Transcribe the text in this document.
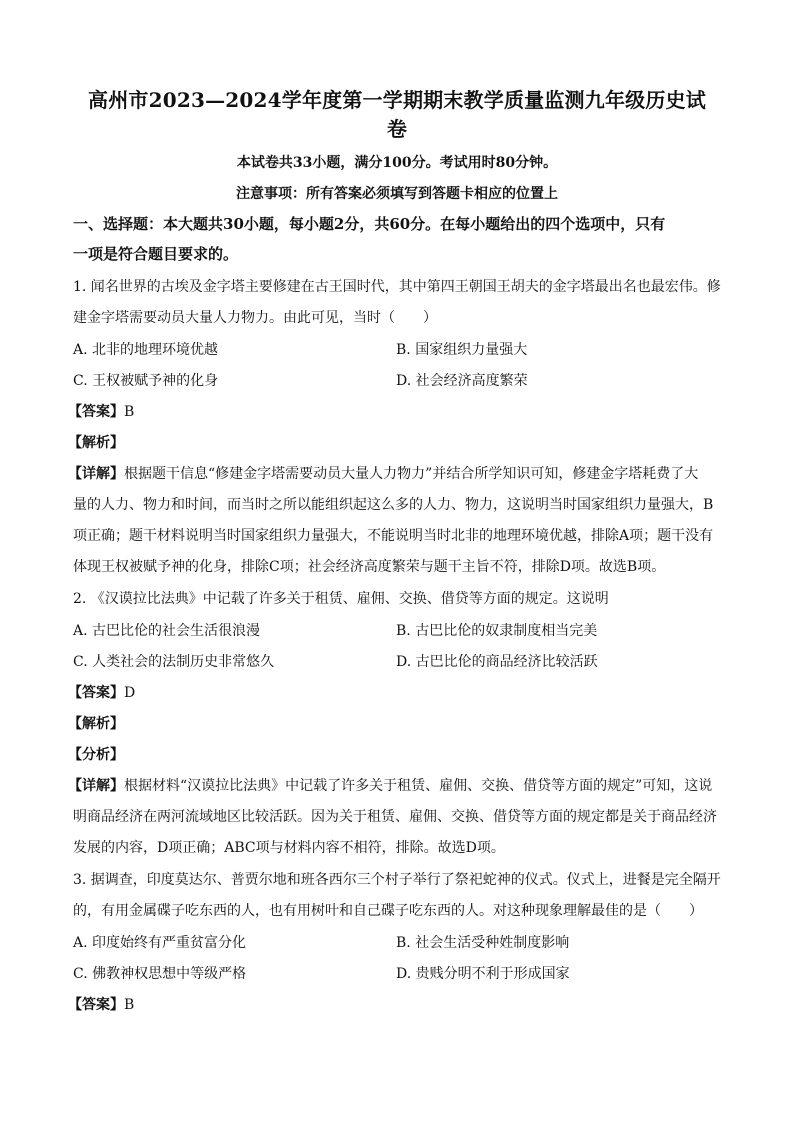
高州市2023—2024学年度第一学期期末教学质量监测九年级历史试
卷
本试卷共33小题，满分100分。考试用时80分钟。
注意事项：所有答案必须填写到答题卡相应的位置上
一、选择题：本大题共30小题，每小题2分，共60分。在每小题给出的四个选项中，只有
一项是符合题目要求的。
1. 闻名世界的古埃及金字塔主要修建在古王国时代，其中第四王朝国王胡夫的金字塔最出名也最宏伟。修
建金字塔需要动员大量人力物力。由此可见，当时（　　）
A. 北非的地理环境优越	B. 国家组织力量强大
C. 王权被赋予神的化身	D. 社会经济高度繁荣
【答案】B
【解析】
【详解】根据题干信息“修建金字塔需要动员大量人力物力”并结合所学知识可知，修建金字塔耗费了大
量的人力、物力和时间，而当时之所以能组织起这么多的人力、物力，这说明当时国家组织力量强大，B
项正确；题干材料说明当时国家组织力量强大，不能说明当时北非的地理环境优越，排除A项；题干没有
体现王权被赋予神的化身，排除C项；社会经济高度繁荣与题干主旨不符，排除D项。故选B项。
2. 《汉谟拉比法典》中记载了许多关于租赁、雇佣、交换、借贷等方面的规定。这说明
A. 古巴比伦的社会生活很浪漫	B. 古巴比伦的奴隶制度相当完美
C. 人类社会的法制历史非常悠久	D. 古巴比伦的商品经济比较活跃
【答案】D
【解析】
【分析】
【详解】根据材料“汉谟拉比法典》中记载了许多关于租赁、雇佣、交换、借贷等方面的规定”可知，这说
明商品经济在两河流域地区比较活跃。因为关于租赁、雇佣、交换、借贷等方面的规定都是关于商品经济
发展的内容，D项正确；ABC项与材料内容不相符，排除。故选D项。
3. 据调查，印度莫达尔、普贾尔地和班各西尔三个村子举行了祭祀蛇神的仪式。仪式上，进餐是完全隔开
的，有用金属碟子吃东西的人，也有用树叶和自己碟子吃东西的人。对这种现象理解最佳的是（　　）
A. 印度始终有严重贫富分化	B. 社会生活受种姓制度影响
C. 佛教神权思想中等级严格	D. 贵贱分明不利于形成国家
【答案】B
